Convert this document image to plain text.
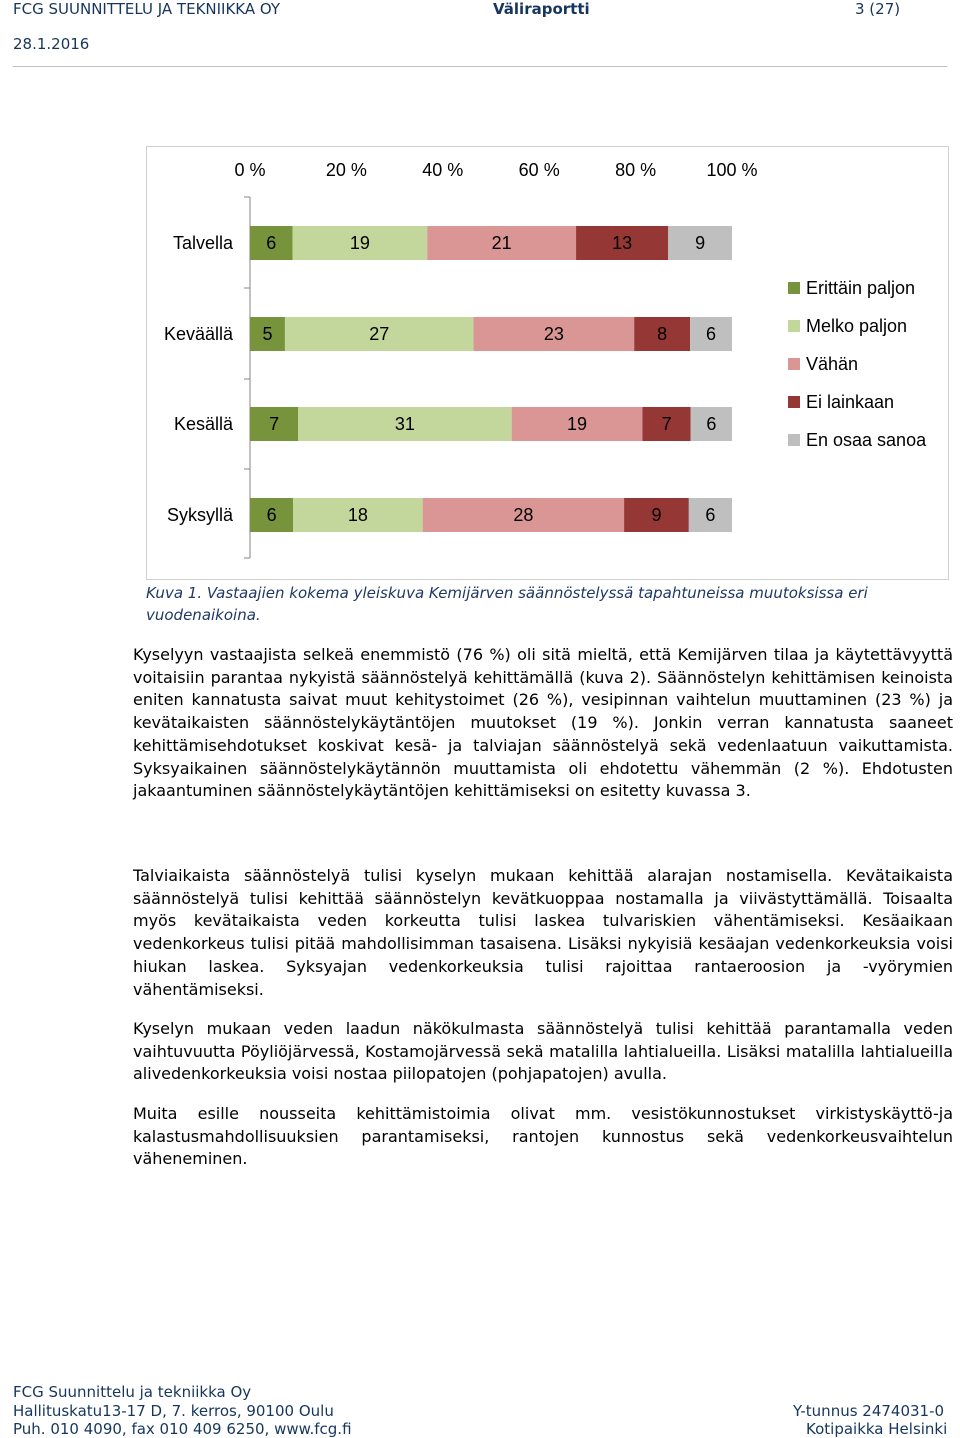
FCG SUUNNITTELU JA TEKNIIKKA OY	Väliraportti	3 (27)
28.1.2016
0 %	20 %	40 %	60 %	80 %	100 %
Talvella
Keväällä
Kesällä
Syksyllä
6	19	21	13	9
5	27	23	8 6
7	31	19	7 6
6	18	28	9 6
Erittäin paljon
Melko paljon
Vähän
Ei lainkaan
En osaa sanoa
Kuva 1. Vastaajien kokema yleiskuva Kemijärven säännöstelyssä tapahtuneissa muutoksissa eri vuodenaikoina.
Kyselyyn vastaajista selkeä enemmistö (76 %) oli sitä mieltä, että Kemijärven tilaa ja käytettävyyttä voitaisiin parantaa nykyistä säännöstelyä kehittämällä (kuva 2). Säännöstelyn kehittämisen keinoista eniten kannatusta saivat muut kehitystoimet (26 %), vesipinnan vaihtelun muuttaminen (23 %) ja kevätaikaisten säännöstelykäytäntöjen muutokset (19 %). Jonkin verran kannatusta saaneet kehittämisehdotukset koskivat kesä- ja talviajan säännöstelyä sekä vedenlaatuun vaikuttamista. Syksyaikainen säännöstelykäytännön muuttamista oli ehdotettu vähemmän (2 %). Ehdotusten jakaantuminen säännöstelykäytäntöjen kehittämiseksi on esitetty kuvassa 3.
Talviaikaista säännöstelyä tulisi kyselyn mukaan kehittää alarajan nostamisella. Kevätaikaista säännöstelyä tulisi kehittää säännöstelyn kevätkuoppaa nostamalla ja viivästyttämällä. Toisaalta myös kevätaikaista veden korkeutta tulisi laskea tulvariskien vähentämiseksi. Kesäaikaan vedenkorkeus tulisi pitää mahdollisimman tasaisena. Lisäksi nykyisiä kesäajan vedenkorkeuksia voisi hiukan laskea. Syksyajan vedenkorkeuksia tulisi rajoittaa rantaeroosion ja -vyörymien vähentämiseksi.
Kyselyn mukaan veden laadun näkökulmasta säännöstelyä tulisi kehittää parantamalla veden vaihtuvuutta Pöyliöjärvessä, Kostamojärvessä sekä matalilla lahtialueilla. Lisäksi matalilla lahtialueilla alivedenkorkeuksia voisi nostaa piilopatojen (pohjapatojen) avulla.
Muita esille nousseita kehittämistoimia olivat mm. vesistökunnostukset virkistyskäyttö-ja kalastusmahdollisuuksien parantamiseksi, rantojen kunnostus sekä vedenkorkeusvaihtelun väheneminen.
FCG Suunnittelu ja tekniikka Oy
Hallituskatu13-17 D, 7. kerros, 90100 Oulu
Puh. 010 4090, fax 010 409 6250, www.fcg.fi
Y-tunnus 2474031-0
Kotipaikka Helsinki
